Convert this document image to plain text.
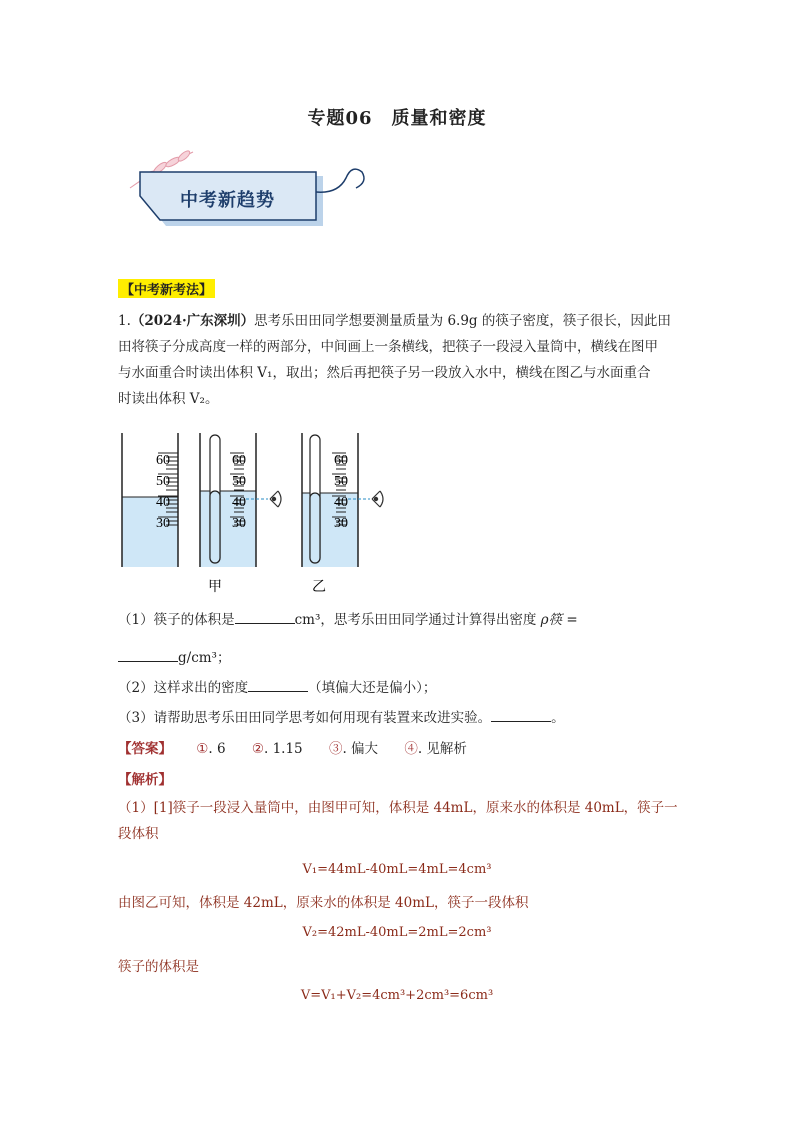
专题06　质量和密度
中考新趋势
【中考新考法】
1.（2024·广东深圳）思考乐田田同学想要测量质量为 6.9g 的筷子密度，筷子很长，因此田
田将筷子分成高度一样的两部分，中间画上一条横线，把筷子一段浸入量筒中，横线在图甲
与水面重合时读出体积 V₁，取出；然后再把筷子另一段放入水中，横线在图乙与水面重合
时读出体积 V₂。
60
50
40
30
60
50
40
30
60
50
40
30
甲	乙
（1）筷子的体积是	cm³，思考乐田田同学通过计算得出密度 ρ筷 =
g/cm³；
（2）这样求出的密度	（填偏大还是偏小）；
（3）请帮助思考乐田田同学思考如何用现有装置来改进实验。	。
【答案】 ①. 6 ②. 1.15 ③. 偏大 ④. 见解析
【解析】
（1）[1]筷子一段浸入量筒中，由图甲可知，体积是 44mL，原来水的体积是 40mL，筷子一
段体积
V₁=44mL-40mL=4mL=4cm³
由图乙可知，体积是 42mL，原来水的体积是 40mL，筷子一段体积
V₂=42mL-40mL=2mL=2cm³
筷子的体积是
V=V₁+V₂=4cm³+2cm³=6cm³
